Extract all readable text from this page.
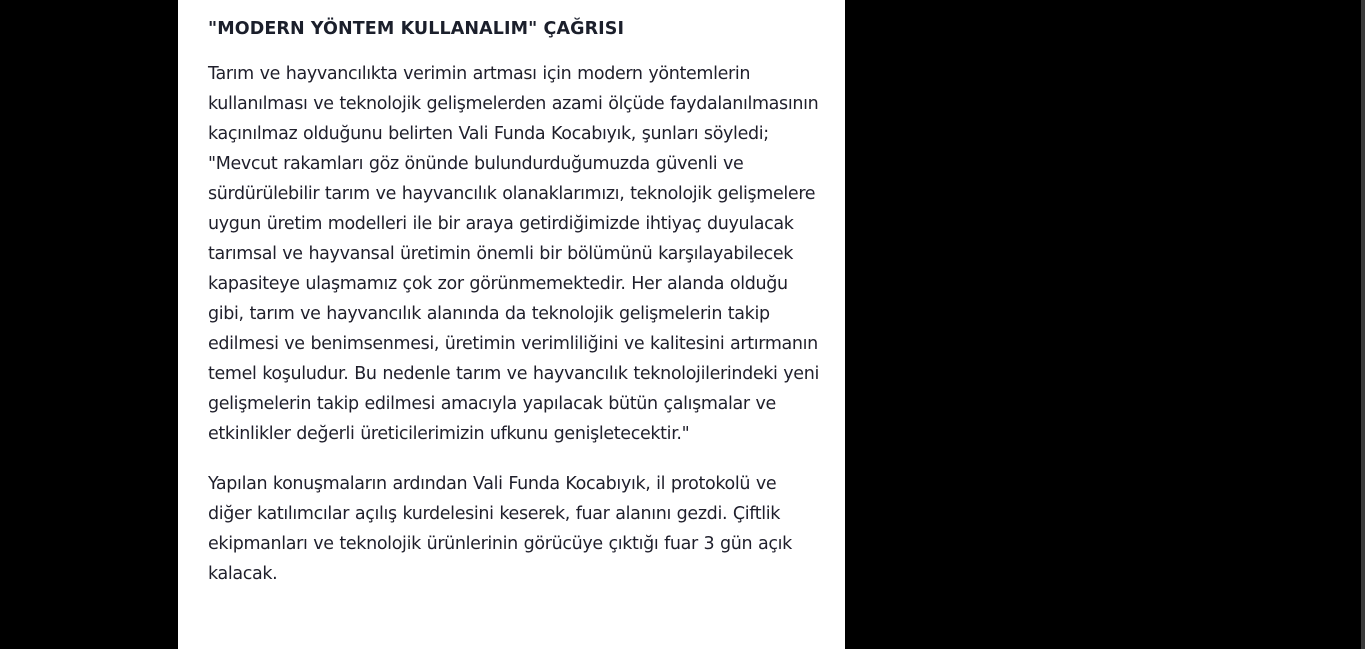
"MODERN YÖNTEM KULLANALIM" ÇAĞRISI

Tarım ve hayvancılıkta verimin artması için modern yöntemlerin kullanılması ve teknolojik gelişmelerden azami ölçüde faydalanılmasının kaçınılmaz olduğunu belirten Vali Funda Kocabıyık, şunları söyledi; "Mevcut rakamları göz önünde bulundurduğumuzda güvenli ve sürdürülebilir tarım ve hayvancılık olanaklarımızı, teknolojik gelişmelere uygun üretim modelleri ile bir araya getirdiğimizde ihtiyaç duyulacak tarımsal ve hayvansal üretimin önemli bir bölümünü karşılayabilecek kapasiteye ulaşmamız çok zor görünmemektedir. Her alanda olduğu gibi, tarım ve hayvancılık alanında da teknolojik gelişmelerin takip edilmesi ve benimsenmesi, üretimin verimliliğini ve kalitesini artırmanın temel koşuludur. Bu nedenle tarım ve hayvancılık teknolojilerindeki yeni gelişmelerin takip edilmesi amacıyla yapılacak bütün çalışmalar ve etkinlikler değerli üreticilerimizin ufkunu genişletecektir."

Yapılan konuşmaların ardından Vali Funda Kocabıyık, il protokolü ve diğer katılımcılar açılış kurdelesini keserek, fuar alanını gezdi. Çiftlik ekipmanları ve teknolojik ürünlerinin görücüye çıktığı fuar 3 gün açık kalacak.
